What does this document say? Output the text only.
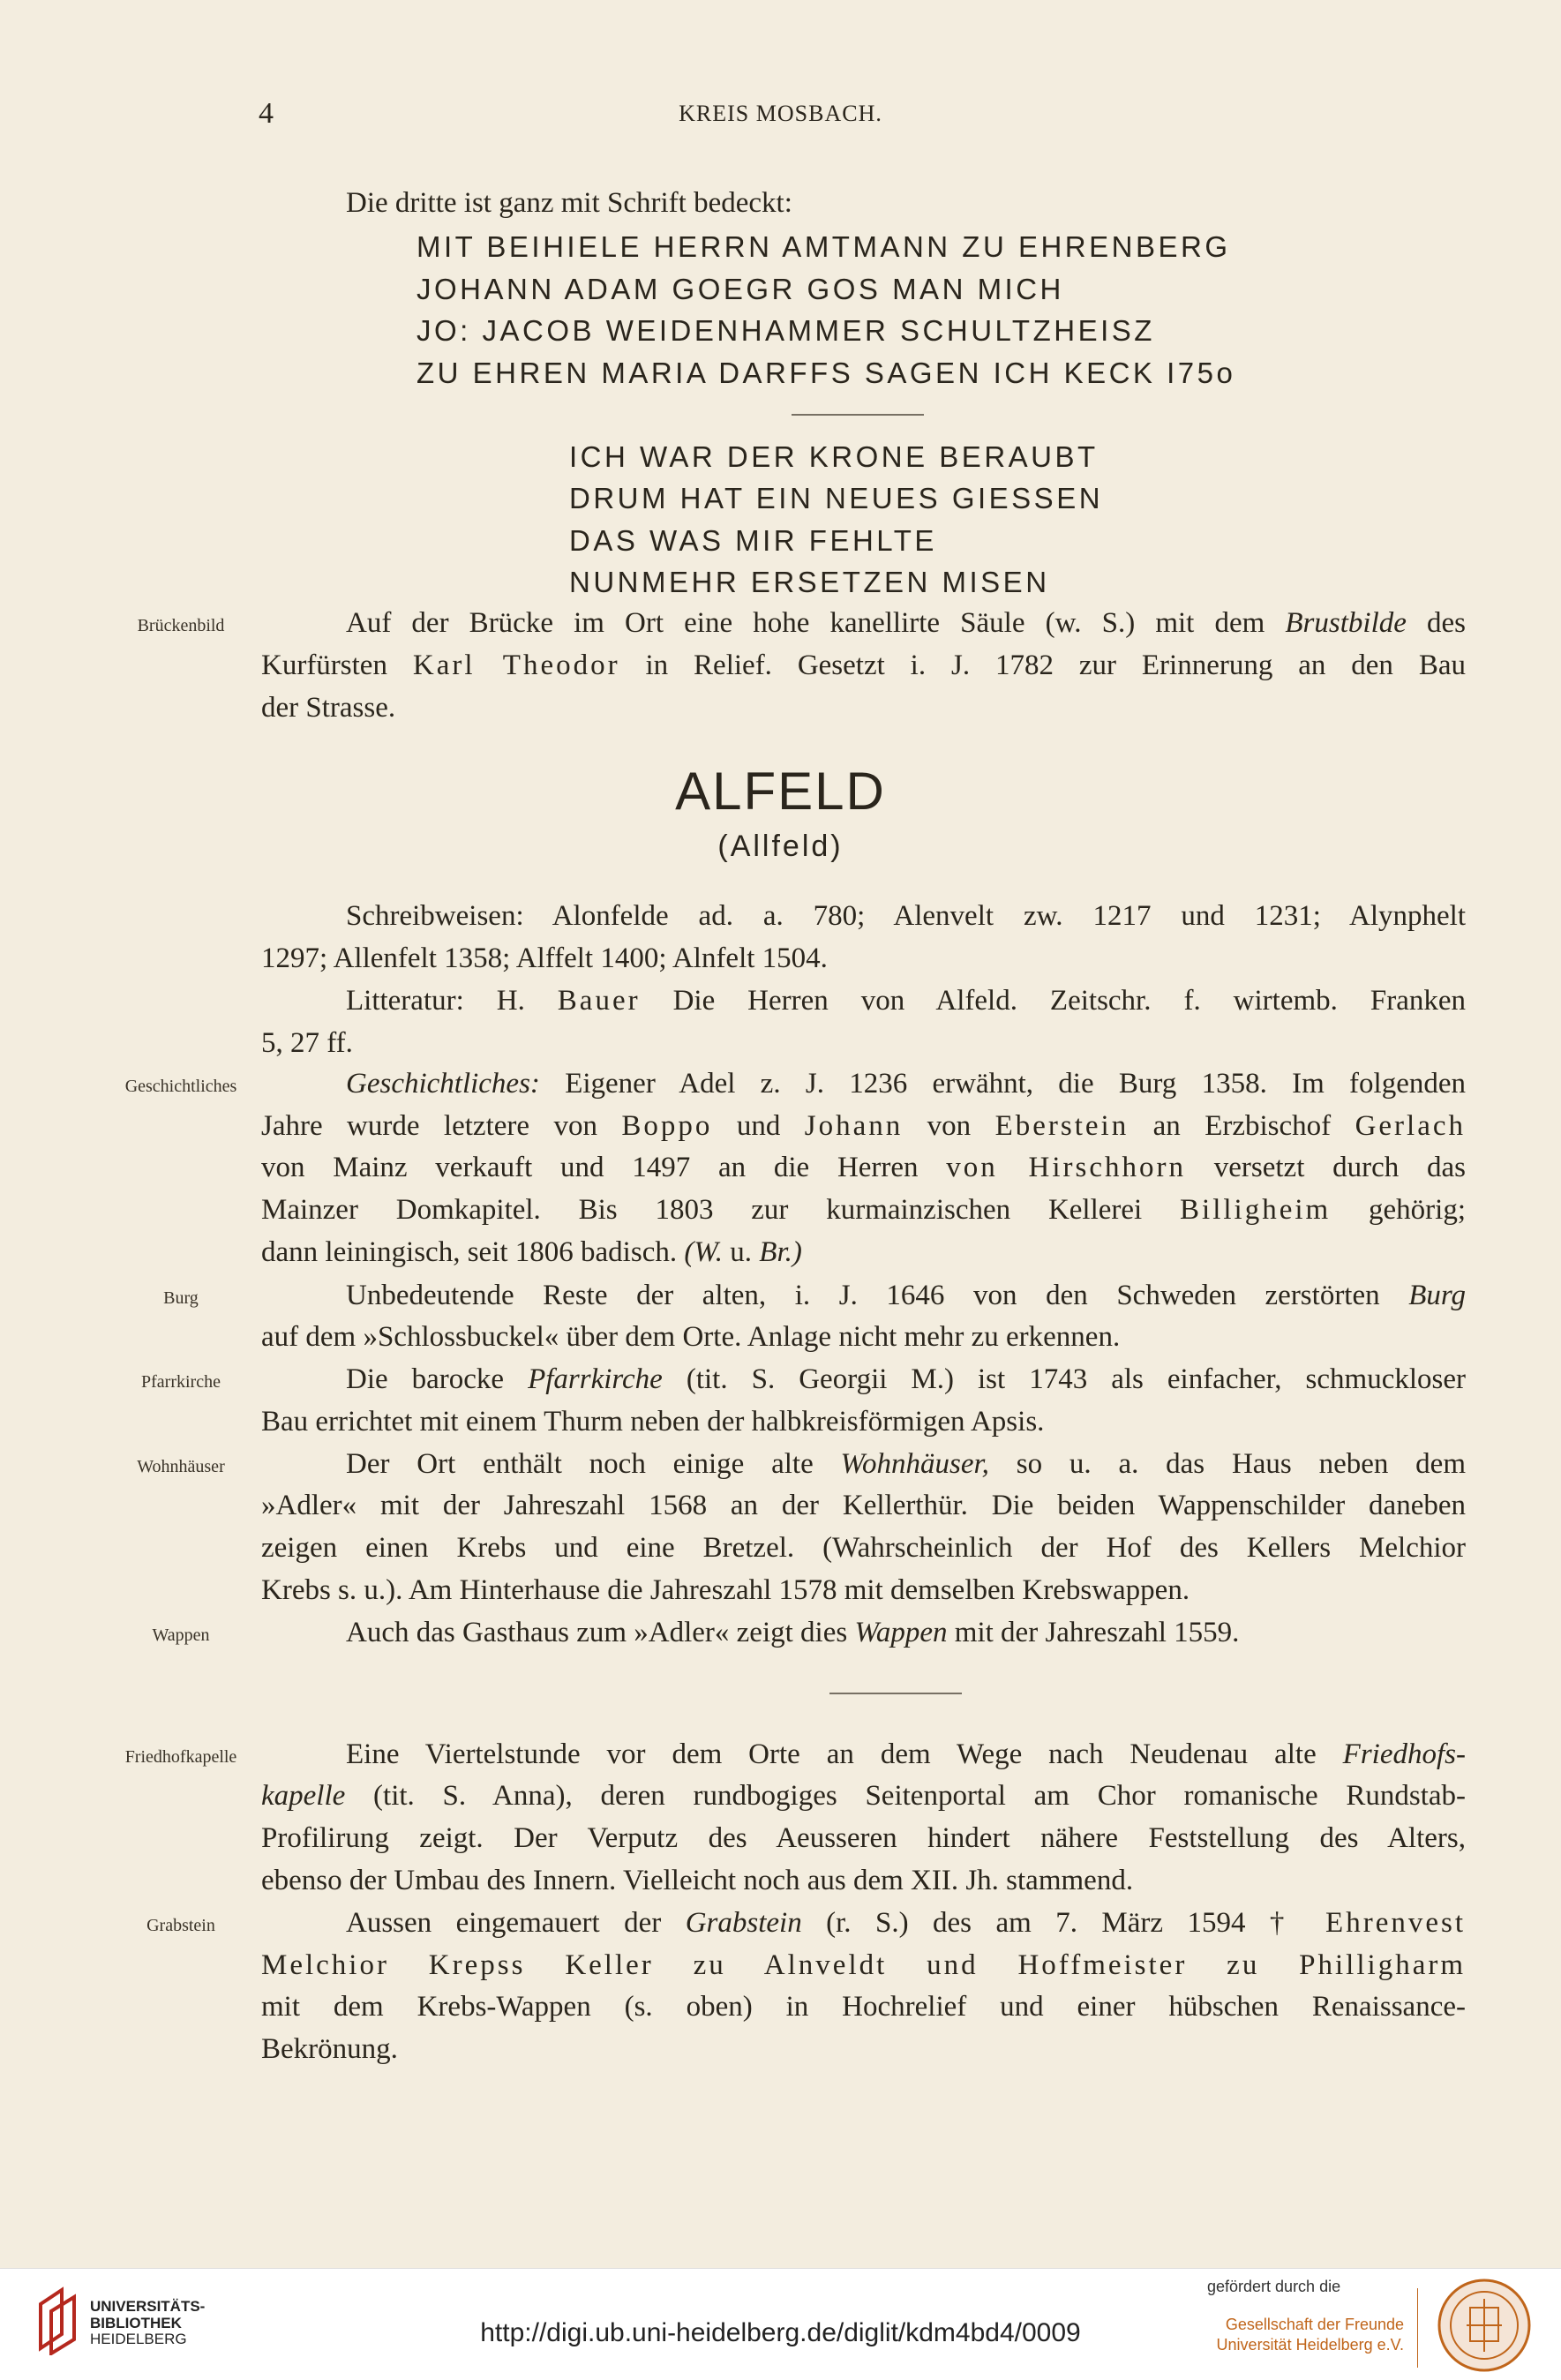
4	KREIS MOSBACH.
Die dritte ist ganz mit Schrift bedeckt:
MIT BEIHIELE HERRN AMTMANN ZU EHRENBERG
JOHANN ADAM GOEGR GOS MAN MICH
JO: JACOB WEIDENHAMMER SCHULTZHEISZ
ZU EHREN MARIA DARFFS SAGEN ICH KECK I75o
ICH WAR DER KRONE BERAUBT
DRUM HAT EIN NEUES GIESSEN
DAS WAS MIR FEHLTE
NUNMEHR ERSETZEN MISEN
Brückenbild	Auf der Brücke im Ort eine hohe kanellirte Säule (w. S.) mit dem Brustbilde des
Kurfürsten Karl Theodor in Relief. Gesetzt i. J. 1782 zur Erinnerung an den Bau
der Strasse.
ALFELD
(Allfeld)
Schreibweisen: Alonfelde ad. a. 780; Alenvelt zw. 1217 und 1231; Alynphelt
1297; Allenfelt 1358; Alffelt 1400; Alnfelt 1504.
Litteratur: H. Bauer Die Herren von Alfeld. Zeitschr. f. wirtemb. Franken
5, 27 ff.
Geschichtliches	Geschichtliches: Eigener Adel z. J. 1236 erwähnt, die Burg 1358. Im folgenden
Jahre wurde letztere von Boppo und Johann von Eberstein an Erzbischof Gerlach
von Mainz verkauft und 1497 an die Herren von Hirschhorn versetzt durch das
Mainzer Domkapitel. Bis 1803 zur kurmainzischen Kellerei Billigheim gehörig;
dann leiningisch, seit 1806 badisch. (W. u. Br.)
Burg	Unbedeutende Reste der alten, i. J. 1646 von den Schweden zerstörten Burg
auf dem »Schlossbuckel« über dem Orte. Anlage nicht mehr zu erkennen.
Pfarrkirche	Die barocke Pfarrkirche (tit. S. Georgii M.) ist 1743 als einfacher, schmuckloser
Bau errichtet mit einem Thurm neben der halbkreisförmigen Apsis.
Wohnhäuser	Der Ort enthält noch einige alte Wohnhäuser, so u. a. das Haus neben dem
»Adler« mit der Jahreszahl 1568 an der Kellerthür. Die beiden Wappenschilder daneben
zeigen einen Krebs und eine Bretzel. (Wahrscheinlich der Hof des Kellers Melchior
Krebs s. u.). Am Hinterhause die Jahreszahl 1578 mit demselben Krebswappen.
Wappen	Auch das Gasthaus zum »Adler« zeigt dies Wappen mit der Jahreszahl 1559.
Friedhofkapelle	Eine Viertelstunde vor dem Orte an dem Wege nach Neudenau alte Friedhofs-
kapelle (tit. S. Anna), deren rundbogiges Seitenportal am Chor romanische Rundstab-
Profilirung zeigt. Der Verputz des Aeusseren hindert nähere Feststellung des Alters,
ebenso der Umbau des Innern. Vielleicht noch aus dem XII. Jh. stammend.
Grabstein	Aussen eingemauert der Grabstein (r. S.) des am 7. März 1594 † Ehrenvest
Melchior Krepss Keller zu Alnveldt und Hoffmeister zu Philligharm
mit dem Krebs-Wappen (s. oben) in Hochrelief und einer hübschen Renaissance-
Bekrönung.
UNIVERSITÄTS-
BIBLIOTHEK
HEIDELBERG	http://digi.ub.uni-heidelberg.de/diglit/kdm4bd4/0009
gefördert durch die
Gesellschaft der Freunde
Universität Heidelberg e.V.
